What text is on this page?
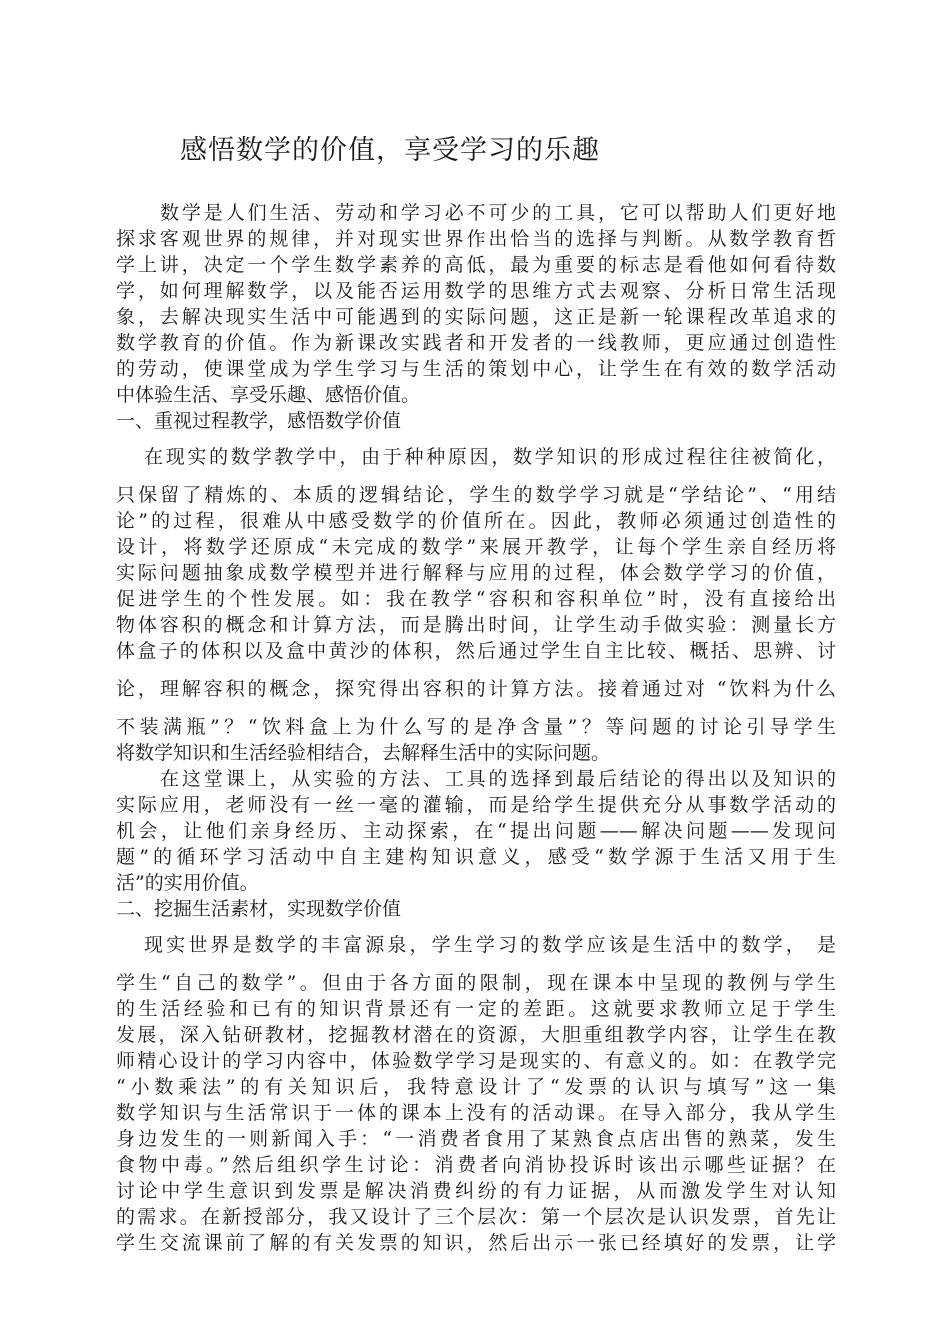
感悟数学的价值，享受学习的乐趣

数学是人们生活、劳动和学习必不可少的工具，它可以帮助人们更好地

探求客观世界的规律，并对现实世界作出恰当的选择与判断。从数学教育哲

学上讲，决定一个学生数学素养的高低，最为重要的标志是看他如何看待数

学，如何理解数学，以及能否运用数学的思维方式去观察、分析日常生活现

象，去解决现实生活中可能遇到的实际问题，这正是新一轮课程改革追求的

数学教育的价值。作为新课改实践者和开发者的一线教师，更应通过创造性

的劳动，使课堂成为学生学习与生活的策划中心，让学生在有效的数学活动

中体验生活、享受乐趣、感悟价值。

一、重视过程教学，感悟数学价值

在现实的数学教学中，由于种种原因，数学知识的形成过程往往被简化，

只保留了精炼的、本质的逻辑结论，学生的数学学习就是“学结论”、“用结

论”的过程，很难从中感受数学的价值所在。因此，教师必须通过创造性的

设计，将数学还原成“未完成的数学”来展开教学，让每个学生亲自经历将

实际问题抽象成数学模型并进行解释与应用的过程，体会数学学习的价值，

促进学生的个性发展。如：我在教学“容积和容积单位”时，没有直接给出

物体容积的概念和计算方法，而是腾出时间，让学生动手做实验：测量长方

体盒子的体积以及盒中黄沙的体积，然后通过学生自主比较、概括、思辨、讨

论，理解容积的概念，探究得出容积的计算方法。接着通过对 “饮料为什么

不装满瓶”？“饮料盒上为什么写的是净含量”？等问题的讨论引导学生

将数学知识和生活经验相结合，去解释生活中的实际问题。

在这堂课上，从实验的方法、工具的选择到最后结论的得出以及知识的

实际应用，老师没有一丝一毫的灌输，而是给学生提供充分从事数学活动的

机会，让他们亲身经历、主动探索，在“提出问题——解决问题——发现问

题”的循环学习活动中自主建构知识意义，感受“数学源于生活又用于生

活”的实用价值。

二、挖掘生活素材，实现数学价值

现实世界是数学的丰富源泉，学生学习的数学应该是生活中的数学， 是

学生“自己的数学”。但由于各方面的限制，现在课本中呈现的教例与学生

的生活经验和已有的知识背景还有一定的差距。这就要求教师立足于学生

发展，深入钻研教材，挖掘教材潜在的资源，大胆重组教学内容，让学生在教

师精心设计的学习内容中，体验数学学习是现实的、有意义的。如：在教学完

“小数乘法”的有关知识后，我特意设计了“发票的认识与填写”这一集

数学知识与生活常识于一体的课本上没有的活动课。在导入部分，我从学生

身边发生的一则新闻入手：“一消费者食用了某熟食点店出售的熟菜，发生

食物中毒。”然后组织学生讨论：消费者向消协投诉时该出示哪些证据？在

讨论中学生意识到发票是解决消费纠纷的有力证据，从而激发学生对认知

的需求。在新授部分，我又设计了三个层次：第一个层次是认识发票，首先让

学生交流课前了解的有关发票的知识，然后出示一张已经填好的发票，让学
